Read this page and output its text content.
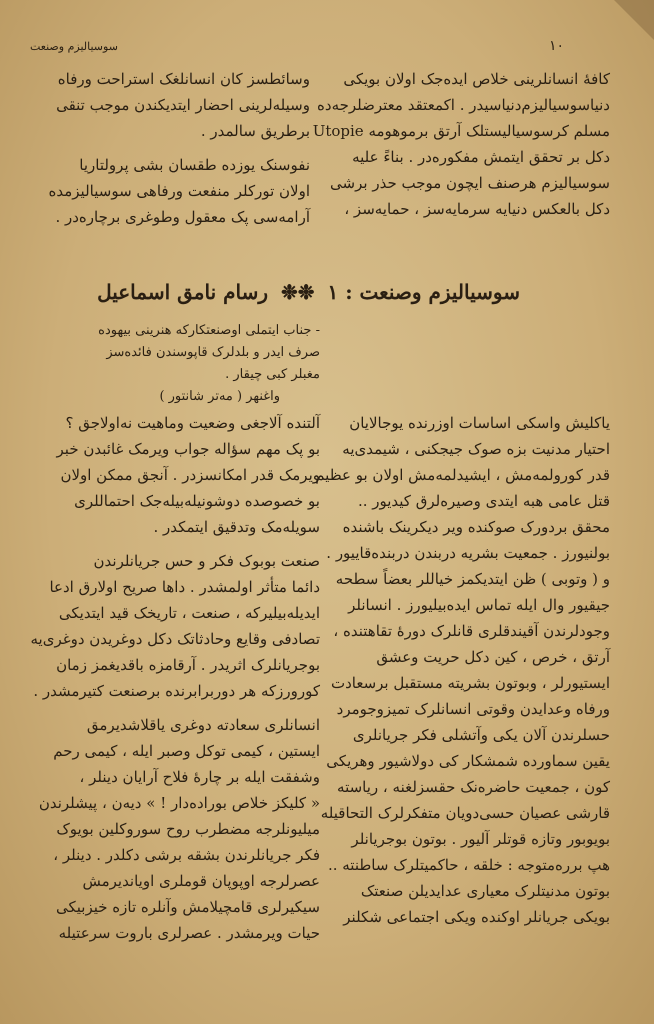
سوسیالیزم وصنعت	١٠
وسائطسز کان انسانلغک استراحت ورفاه
وسیله‌لرینی احضار ایتدیکندن موجب تنقی
برطریق سالمدر .
نفوسنک یوزده طقسان بشی پرولتاریا
اولان تورکلر منفعت ورفاهی سوسیالیزمده
آرامه‌سی پک معقول وطوغری برچاره‌در .
کافهٔ انسانلرینی خلاص ایده‌جک اولان بویکی
دنیاسوسیالیزم‌دنیاسیدر . اکمعتقد معترضلرجه‌ده
مسلم کرسوسیالیستلک آرتق برموهومه Utopie
دکل بر تحقق ایتمش مفکوره‌در . بناءً علیه
سوسیالیزم هرصنف ایچون موجب حذر برشی
دکل بالعکس دنیایه سرمایه‌سز ، حمایه‌سز ،
سوسیالیزم وصنعت : ١ ❉❉ رسام نامق اسماعیل
- جناب ایتملی اوصنعتکارکه هنرینی بیهوده
صرف ایدر و بلدلرک قاپوسندن فائده‌سز
مغبلر کبی چیقار .
واغنهر ( مه‌تر شانتور )
آلتنده آلاجغی وضعیت وماهیت نه‌اولاجق ؟
بو پک مهم سؤاله جواب ویرمک غائبدن خبر
ویرمک قدر امکانسزدر . آنجق ممکن اولان
بو خصوصده دوشونیله‌بیله‌جک احتماللری
سویله‌مک وتدقیق ایتمکدر .
صنعت بوبوک فکر و حس جریانلرندن
دائما متأثر اولمشدر . داها صریح اولارق ادعا
ایدیله‌بیلیرکه ، صنعت ، تاریخک قید ایتدیکی
تصادفی وقایع وحادثاتک دکل دوغریدن دوغری‌یه
بوجریانلرک اثریدر . آرقامزه باقدیغمز زمان
کورورزکه هر دوربرابرنده برصنعت کتیرمشدر .
انسانلری سعادته دوغری یاقلاشدیرمق
ایستین ، کیمی توکل وصبر ایله ، کیمی رحم
وشفقت ایله بر چارهٔ فلاح آرایان دینلر ،
« کلیکز خلاص بوراده‌دار ! » دیه‌ن ، پیشلرندن
میلیونلرجه مضطرب روح سوروکلین بویوک
فکر جریانلرندن بشقه برشی دکلدر . دینلر ،
عصرلرجه اوپوپان قوملری اویاندیرمش
سیکیرلری قامچیلامش وآنلره تازه خیزبیکی
حیات ویرمشدر . عصرلری باروت سرعتیله
یاکلیش واسکی اساسات اوزرنده یوجالایان
احتیار مدنیت بزه صوک جیجکنی ، شیمدی‌یه
قدر کورولمه‌مش ، ایشیدلمه‌مش اولان بو عظیم
قتل عامی هبه ایتدی وصیره‌لرق کیدیور ..
محقق بردورک صوکنده ویر دیکرینک باشنده
بولنیورز . جمعیت بشریه دربندن دربنده‌قاییور .
و ( وتوبی ) ظن ایتدیکمز خیاللر بعضاً سطحه
جیقیور وال ایله تماس ایده‌بیلیورز . انسانلر
وجودلرندن آقیندقلری قانلرک دورهٔ تقاهتنده ،
آرتق ، خرص ، کین دکل حریت وعشق
ایستیورلر ، وبوتون بشریته مستقبل برسعادت
ورفاه وعدایدن وقوتی انسانلرک تمیزوجومرد
حسلرندن آلان یکی وآتشلی فکر جریانلری
یقین سماورده شمشکار کی دولاشیور وهریکی
کون ، جمعیت حاضره‌نک حقسزلغنه ، ریاسته
قارشی عصیان حسی‌دویان متفکرلرک التحاقیله
بویوبور وتازه قوتلر آلیور . بوتون بوجریانلر
هپ برره‌متوجه : خلقه ، حاکمیتلرک ساطنته ..
بوتون مدنیتلرک معیاری عدایدیلن صنعتک
بویکی جریانلر اوکنده ویکی اجتماعی شکلنر
